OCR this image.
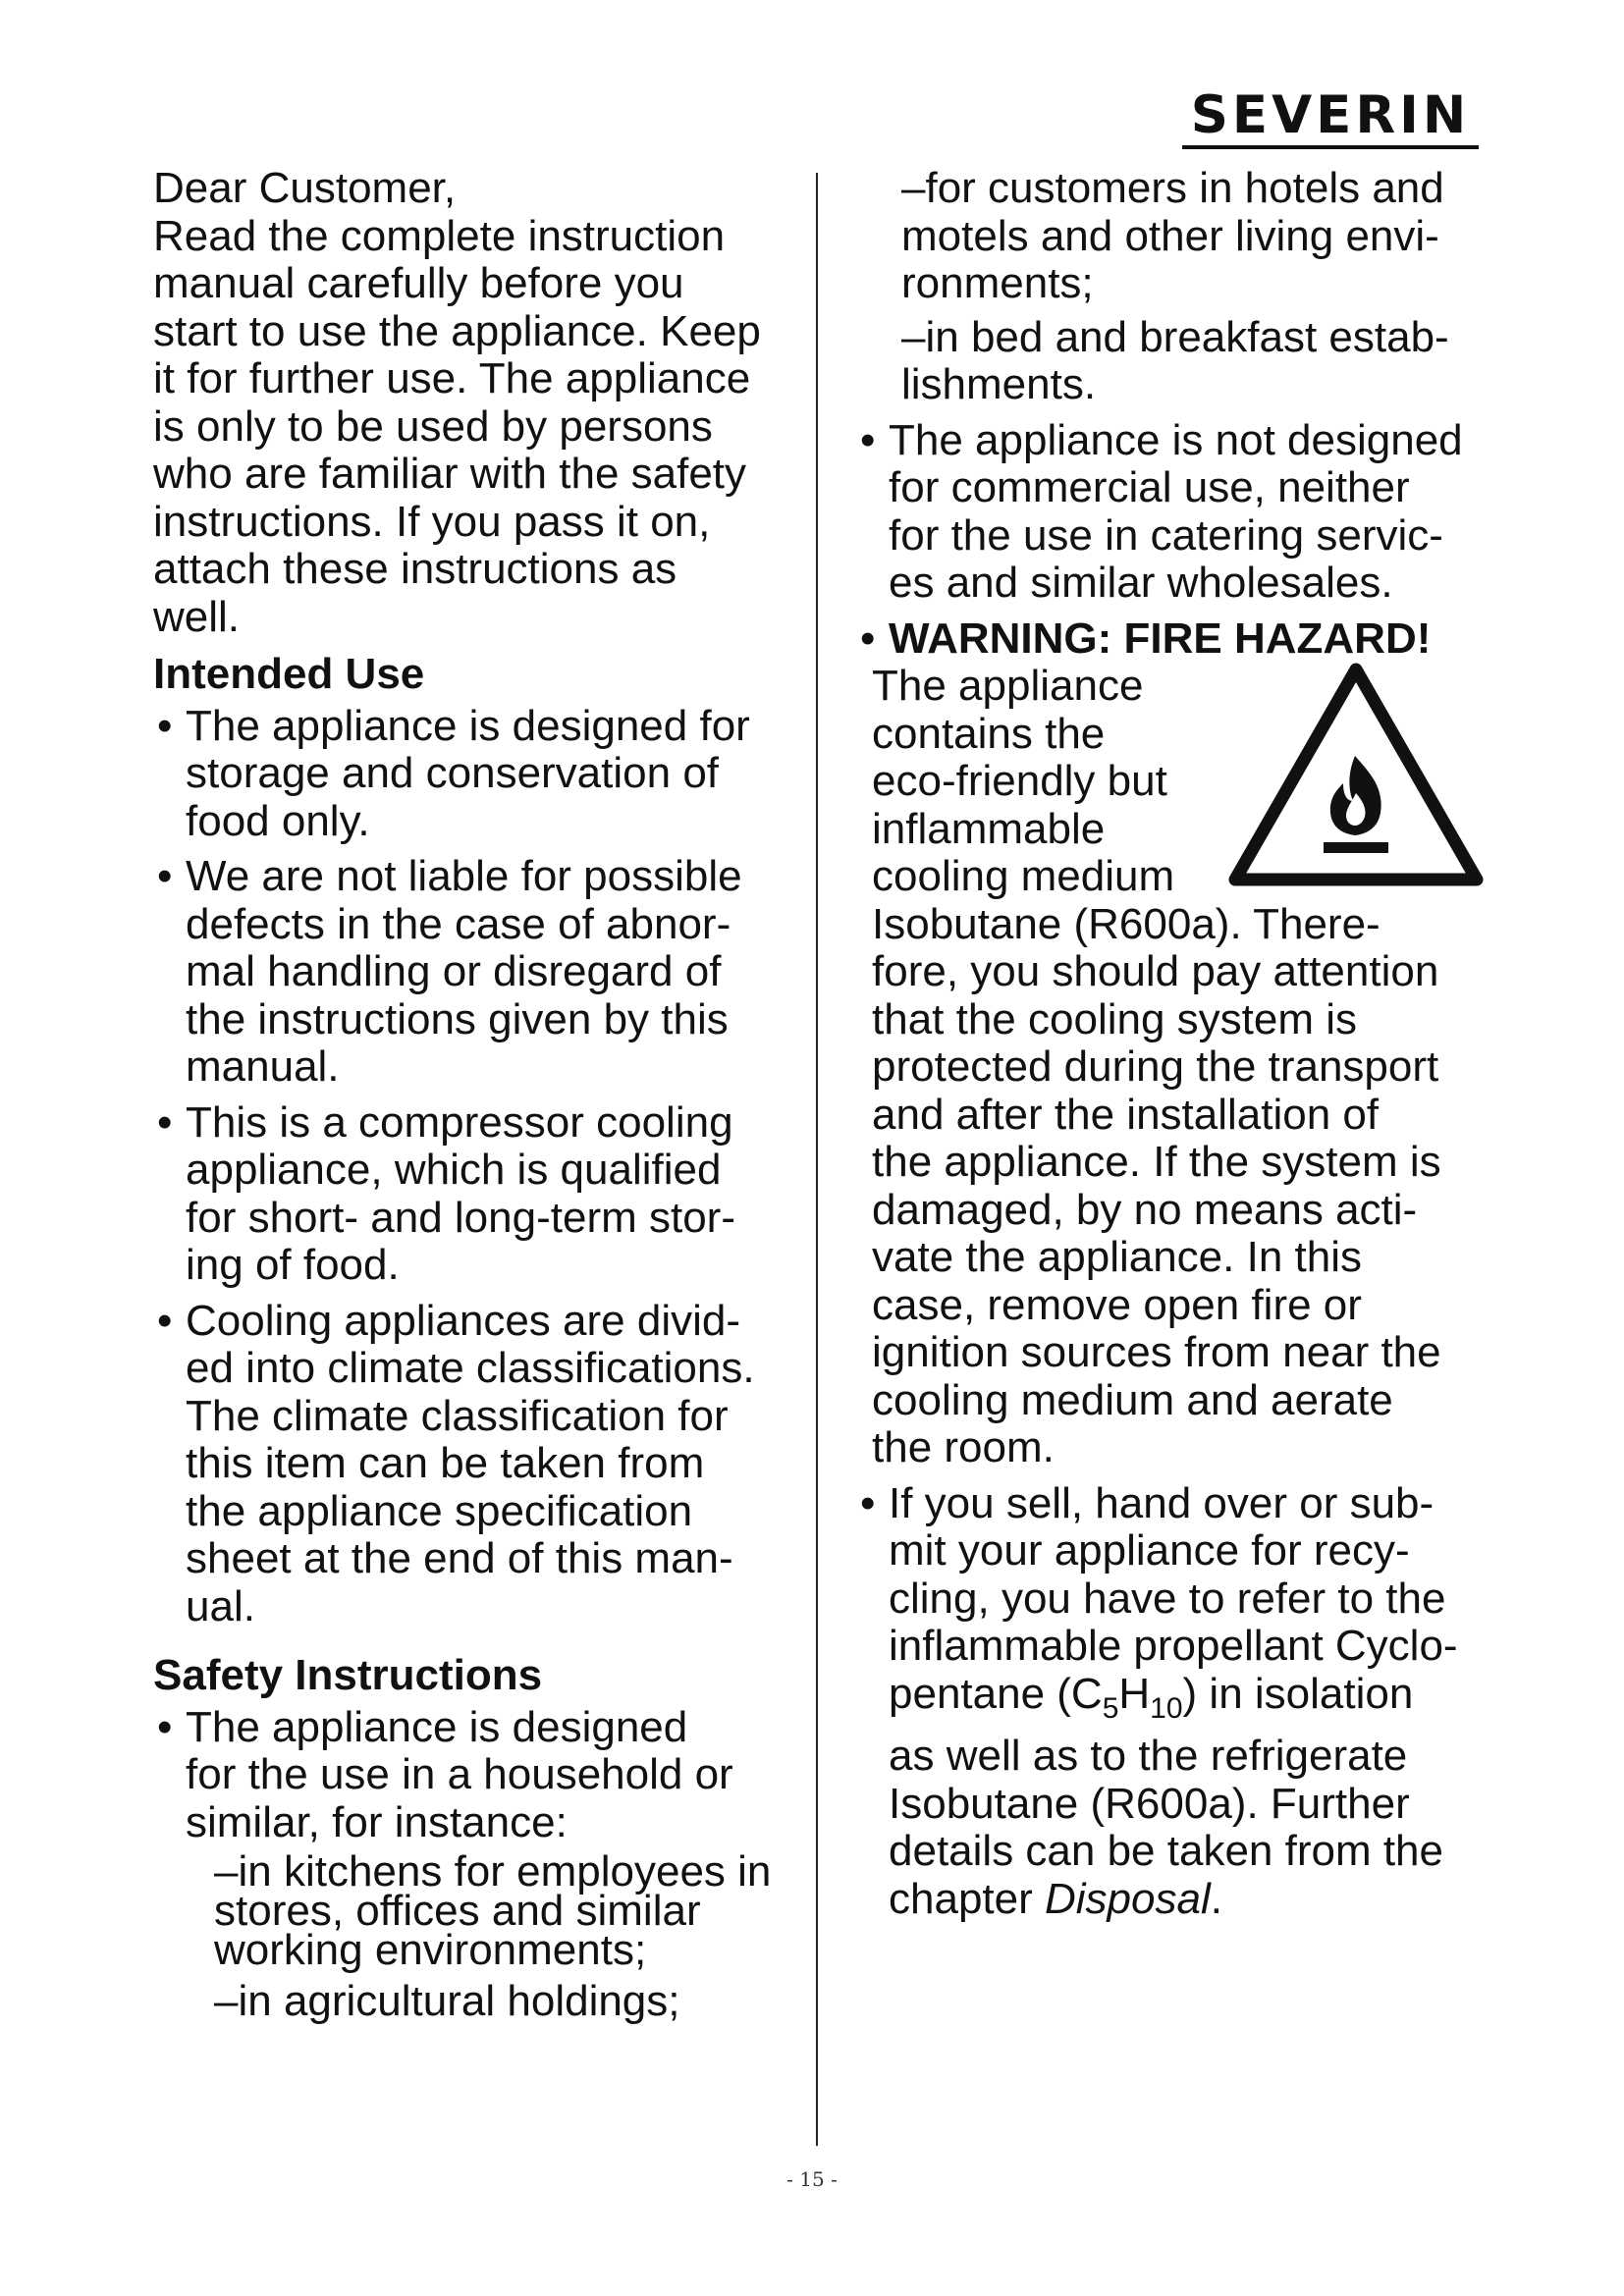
SEVERIN

Dear Customer,
Read the complete instruction
manual carefully before you
start to use the appliance. Keep
it for further use. The appliance
is only to be used by persons
who are familiar with the safety
instructions. If you pass it on,
attach these instructions as
well.

Intended Use

• The appliance is designed for
storage and conservation of
food only.

• We are not liable for possible
defects in the case of abnor-
mal handling or disregard of
the instructions given by this
manual.

• This is a compressor cooling
appliance, which is qualified
for short- and long-term stor-
ing of food.

• Cooling appliances are divid-
ed into climate classifications.
The climate classification for
this item can be taken from
the appliance specification
sheet at the end of this man-
ual.

Safety Instructions

• The appliance is designed
for the use in a household or
similar, for instance:

–in kitchens for employees in
stores, offices and similar
working environments;

–in agricultural holdings;

–for customers in hotels and
motels and other living envi-
ronments;

–in bed and breakfast estab-
lishments.

• The appliance is not designed
for commercial use, neither
for the use in catering servic-
es and similar wholesales.

• WARNING: FIRE HAZARD!

The appliance
contains the
eco-friendly but
inflammable
cooling medium

Isobutane (R600a). There-
fore, you should pay attention
that the cooling system is
protected during the transport
and after the installation of
the appliance. If the system is
damaged, by no means acti-
vate the appliance. In this
case, remove open fire or
ignition sources from near the
cooling medium and aerate
the room.

• If you sell, hand over or sub-
mit your appliance for recy-
cling, you have to refer to the
inflammable propellant Cyclo-
pentane $(C_5H_{10})$ in isolation
as well as to the refrigerate
Isobutane (R600a). Further
details can be taken from the
chapter Disposal.

- 15 -
